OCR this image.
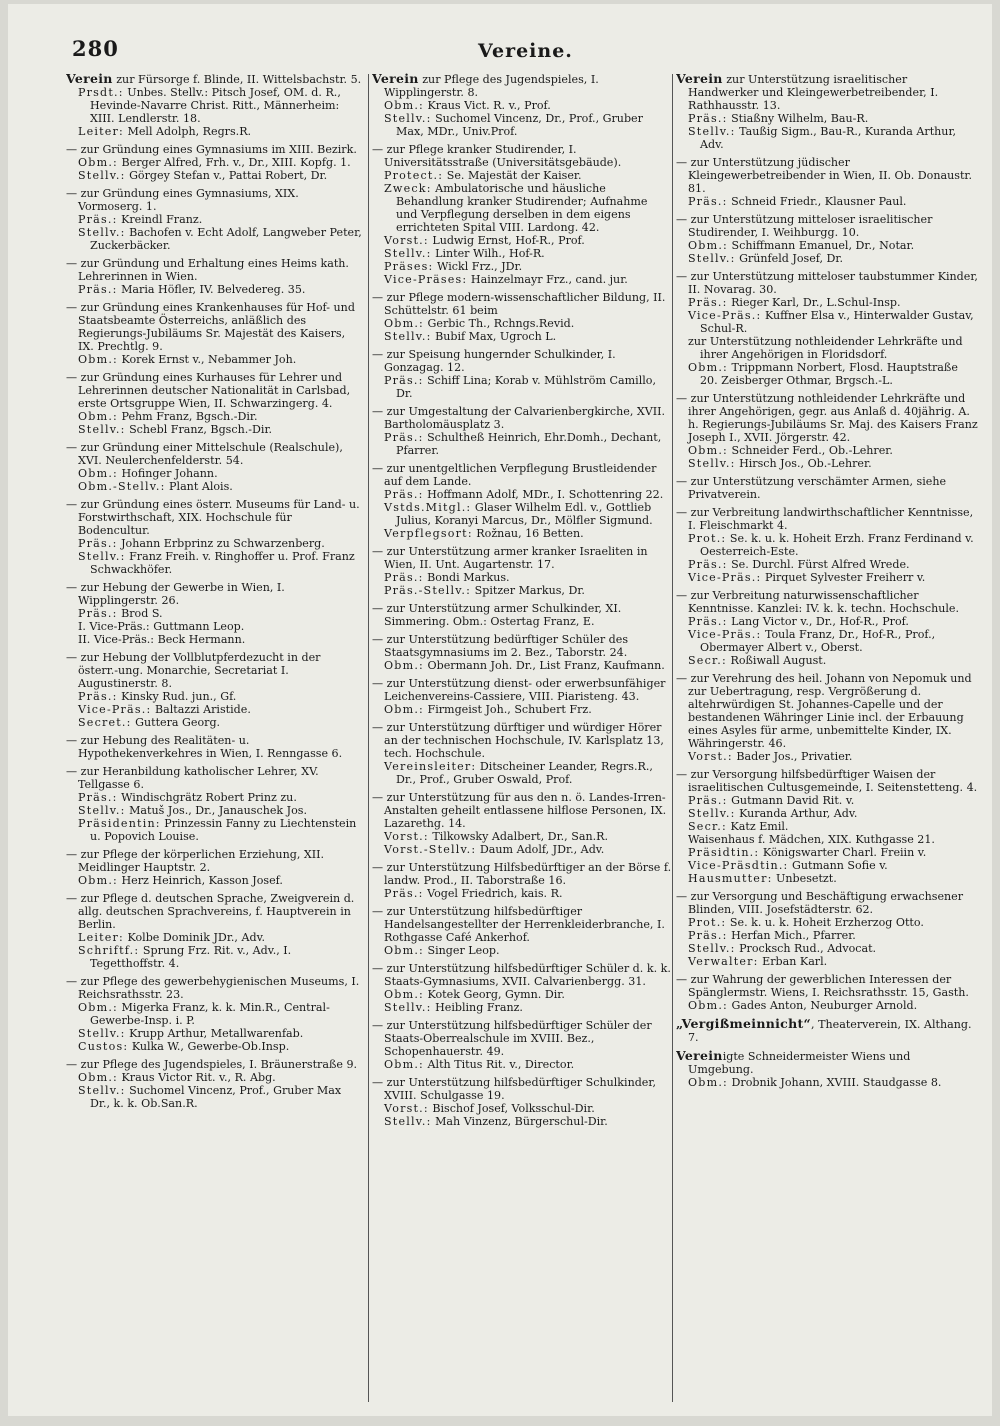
280	Vereine.

Verein zur Fürsorge f. Blinde, II. Wittelsbachstr. 5.

Prsdt.: Unbes. Stellv.: Pitsch Josef, OM. d. R., Hevinde-Navarre Christ. Ritt., Männerheim: XIII. Lendlerstr. 18.

Leiter: Mell Adolph, Regrs.R.

— zur Gründung eines Gymnasiums im XIII. Bezirk.

Obm.: Berger Alfred, Frh. v., Dr., XIII. Kopfg. 1.

Stellv.: Görgey Stefan v., Pattai Robert, Dr.

— zur Gründung eines Gymnasiums, XIX. Vormoserg. 1.

Präs.: Kreindl Franz.

Stellv.: Bachofen v. Echt Adolf, Langweber Peter, Zuckerbäcker.

— zur Gründung und Erhaltung eines Heims kath. Lehrerinnen in Wien.

Präs.: Maria Höfler, IV. Belvedereg. 35.

— zur Gründung eines Krankenhauses für Hof- und Staatsbeamte Österreichs, anläßlich des Regierungs-Jubiläums Sr. Majestät des Kaisers, IX. Prechtlg. 9.

Obm.: Korek Ernst v., Nebammer Joh.

— zur Gründung eines Kurhauses für Lehrer und Lehrerinnen deutscher Nationalität in Carlsbad, erste Ortsgruppe Wien, II. Schwarzingerg. 4.

Obm.: Pehm Franz, Bgsch.-Dir.

Stellv.: Schebl Franz, Bgsch.-Dir.

— zur Gründung einer Mittelschule (Realschule), XVI. Neulerchenfelderstr. 54.

Obm.: Hofinger Johann.

Obm.-Stellv.: Plant Alois.

— zur Gründung eines österr. Museums für Land- u. Forstwirthschaft, XIX. Hochschule für Bodencultur.

Präs.: Johann Erbprinz zu Schwarzenberg.

Stellv.: Franz Freih. v. Ringhoffer u. Prof. Franz Schwackhöfer.

— zur Hebung der Gewerbe in Wien, I. Wipplingerstr. 26.

Präs.: Brod S.

I. Vice-Präs.: Guttmann Leop.

II. Vice-Präs.: Beck Hermann.

— zur Hebung der Vollblutpferdezucht in der österr.-ung. Monarchie, Secretariat I. Augustinerstr. 8.

Präs.: Kinsky Rud. jun., Gf.

Vice-Präs.: Baltazzi Aristide.

Secret.: Guttera Georg.

— zur Hebung des Realitäten- u. Hypothekenverkehres in Wien, I. Renngasse 6.

— zur Heranbildung katholischer Lehrer, XV. Tellgasse 6.

Präs.: Windischgrätz Robert Prinz zu.

Stellv.: Matuš Jos., Dr., Janauschek Jos.

Präsidentin: Prinzessin Fanny zu Liechtenstein u. Popovich Louise.

— zur Pflege der körperlichen Erziehung, XII. Meidlinger Hauptstr. 2.

Obm.: Herz Heinrich, Kasson Josef.

— zur Pflege d. deutschen Sprache, Zweigverein d. allg. deutschen Sprachvereins, f. Hauptverein in Berlin.

Leiter: Kolbe Dominik JDr., Adv.

Schriftf.: Sprung Frz. Rit. v., Adv., I. Tegetthoffstr. 4.

— zur Pflege des gewerbehygienischen Museums, I. Reichsrathsstr. 23.

Obm.: Migerka Franz, k. k. Min.R., Central-Gewerbe-Insp. i. P.

Stellv.: Krupp Arthur, Metallwarenfab.

Custos: Kulka W., Gewerbe-Ob.Insp.

— zur Pflege des Jugendspieles, I. Bräunerstraße 9.

Obm.: Kraus Victor Rit. v., R. Abg.

Stellv.: Suchomel Vincenz, Prof., Gruber Max Dr., k. k. Ob.San.R.

Verein zur Pflege des Jugendspieles, I. Wipplingerstr. 8.

Obm.: Kraus Vict. R. v., Prof.

Stellv.: Suchomel Vincenz, Dr., Prof., Gruber Max, MDr., Univ.Prof.

— zur Pflege kranker Studirender, I. Universitätsstraße (Universitätsgebäude).

Protect.: Se. Majestät der Kaiser.

Zweck: Ambulatorische und häusliche Behandlung kranker Studirender; Aufnahme und Verpflegung derselben in dem eigens errichteten Spital VIII. Lardong. 42.

Vorst.: Ludwig Ernst, Hof-R., Prof.

Stellv.: Linter Wilh., Hof-R.

Präses: Wickl Frz., JDr.

Vice-Präses: Hainzelmayr Frz., cand. jur.

— zur Pflege modern-wissenschaftlicher Bildung, II. Schüttelstr. 61 beim

Obm.: Gerbic Th., Rchngs.Revid.

Stellv.: Bubif Max, Ugroch L.

— zur Speisung hungernder Schulkinder, I. Gonzagag. 12.

Präs.: Schiff Lina; Korab v. Mühlström Camillo, Dr.

— zur Umgestaltung der Calvarienbergkirche, XVII. Bartholomäusplatz 3.

Präs.: Schultheß Heinrich, Ehr.Domh., Dechant, Pfarrer.

— zur unentgeltlichen Verpflegung Brustleidender auf dem Lande.

Präs.: Hoffmann Adolf, MDr., I. Schottenring 22.

Vstds.Mitgl.: Glaser Wilhelm Edl. v., Gottlieb Julius, Koranyi Marcus, Dr., Mölfler Sigmund.

Verpflegsort: Rožnau, 16 Betten.

— zur Unterstützung armer kranker Israeliten in Wien, II. Unt. Augartenstr. 17.

Präs.: Bondi Markus.

Präs.-Stellv.: Spitzer Markus, Dr.

— zur Unterstützung armer Schulkinder, XI. Simmering. Obm.: Ostertag Franz, E.

— zur Unterstützung bedürftiger Schüler des Staatsgymnasiums im 2. Bez., Taborstr. 24.

Obm.: Obermann Joh. Dr., List Franz, Kaufmann.

— zur Unterstützung dienst- oder erwerbsunfähiger Leichenvereins-Cassiere, VIII. Piaristeng. 43.

Obm.: Firmgeist Joh., Schubert Frz.

— zur Unterstützung dürftiger und würdiger Hörer an der technischen Hochschule, IV. Karlsplatz 13, tech. Hochschule.

Vereinsleiter: Ditscheiner Leander, Regrs.R., Dr., Prof., Gruber Oswald, Prof.

— zur Unterstützung für aus den n. ö. Landes-Irren-Anstalten geheilt entlassene hilflose Personen, IX. Lazarethg. 14.

Vorst.: Tilkowsky Adalbert, Dr., San.R.

Vorst.-Stellv.: Daum Adolf, JDr., Adv.

— zur Unterstützung Hilfsbedürftiger an der Börse f. landw. Prod., II. Taborstraße 16.

Präs.: Vogel Friedrich, kais. R.

— zur Unterstützung hilfsbedürftiger Handelsangestellter der Herrenkleiderbranche, I. Rothgasse Café Ankerhof.

Obm.: Singer Leop.

— zur Unterstützung hilfsbedürftiger Schüler d. k. k. Staats-Gymnasiums, XVII. Calvarienbergg. 31.

Obm.: Kotek Georg, Gymn. Dir.

Stellv.: Heibling Franz.

— zur Unterstützung hilfsbedürftiger Schüler der Staats-Oberrealschule im XVIII. Bez., Schopenhauerstr. 49.

Obm.: Alth Titus Rit. v., Director.

— zur Unterstützung hilfsbedürftiger Schulkinder, XVIII. Schulgasse 19.

Vorst.: Bischof Josef, Volksschul-Dir.

Stellv.: Mah Vinzenz, Bürgerschul-Dir.

Verein zur Unterstützung israelitischer Handwerker und Kleingewerbetreibender, I. Rathhausstr. 13.

Präs.: Stiaßny Wilhelm, Bau-R.

Stellv.: Taußig Sigm., Bau-R., Kuranda Arthur, Adv.

— zur Unterstützung jüdischer Kleingewerbetreibender in Wien, II. Ob. Donaustr. 81.

Präs.: Schneid Friedr., Klausner Paul.

— zur Unterstützung mitteloser israelitischer Studirender, I. Weihburgg. 10.

Obm.: Schiffmann Emanuel, Dr., Notar.

Stellv.: Grünfeld Josef, Dr.

— zur Unterstützung mitteloser taubstummer Kinder, II. Novarag. 30.

Präs.: Rieger Karl, Dr., L.Schul-Insp.

Vice-Präs.: Kuffner Elsa v., Hinterwalder Gustav, Schul-R.

zur Unterstützung nothleidender Lehrkräfte und ihrer Angehörigen in Floridsdorf.

Obm.: Trippmann Norbert, Flosd. Hauptstraße 20. Zeisberger Othmar, Brgsch.-L.

— zur Unterstützung nothleidender Lehrkräfte und ihrer Angehörigen, gegr. aus Anlaß d. 40jährig. A. h. Regierungs-Jubiläums Sr. Maj. des Kaisers Franz Joseph I., XVII. Jörgerstr. 42.

Obm.: Schneider Ferd., Ob.-Lehrer.

Stellv.: Hirsch Jos., Ob.-Lehrer.

— zur Unterstützung verschämter Armen, siehe Privatverein.

— zur Verbreitung landwirthschaftlicher Kenntnisse, I. Fleischmarkt 4.

Prot.: Se. k. u. k. Hoheit Erzh. Franz Ferdinand v. Oesterreich-Este.

Präs.: Se. Durchl. Fürst Alfred Wrede.

Vice-Präs.: Pirquet Sylvester Freiherr v.

— zur Verbreitung naturwissenschaftlicher Kenntnisse. Kanzlei: IV. k. k. techn. Hochschule.

Präs.: Lang Victor v., Dr., Hof-R., Prof.

Vice-Präs.: Toula Franz, Dr., Hof-R., Prof., Obermayer Albert v., Oberst.

Secr.: Roßiwall August.

— zur Verehrung des heil. Johann von Nepomuk und zur Uebertragung, resp. Vergrößerung d. altehrwürdigen St. Johannes-Capelle und der bestandenen Währinger Linie incl. der Erbauung eines Asyles für arme, unbemittelte Kinder, IX. Währingerstr. 46.

Vorst.: Bader Jos., Privatier.

— zur Versorgung hilfsbedürftiger Waisen der israelitischen Cultusgemeinde, I. Seitenstetteng. 4.

Präs.: Gutmann David Rit. v.

Stellv.: Kuranda Arthur, Adv.

Secr.: Katz Emil.

Waisenhaus f. Mädchen, XIX. Kuthgasse 21.

Präsidtin.: Königswarter Charl. Freiin v.

Vice-Präsdtin.: Gutmann Sofie v.

Hausmutter: Unbesetzt.

— zur Versorgung und Beschäftigung erwachsener Blinden, VIII. Josefstädterstr. 62.

Prot.: Se. k. u. k. Hoheit Erzherzog Otto.

Präs.: Herfan Mich., Pfarrer.

Stellv.: Procksch Rud., Advocat.

Verwalter: Erban Karl.

— zur Wahrung der gewerblichen Interessen der Spänglermstr. Wiens, I. Reichsrathsstr. 15, Gasth.

Obm.: Gades Anton, Neuburger Arnold.

„Vergißmeinnicht“, Theaterverein, IX. Althang. 7.

Vereinigte Schneidermeister Wiens und Umgebung.

Obm.: Drobnik Johann, XVIII. Staudgasse 8.
